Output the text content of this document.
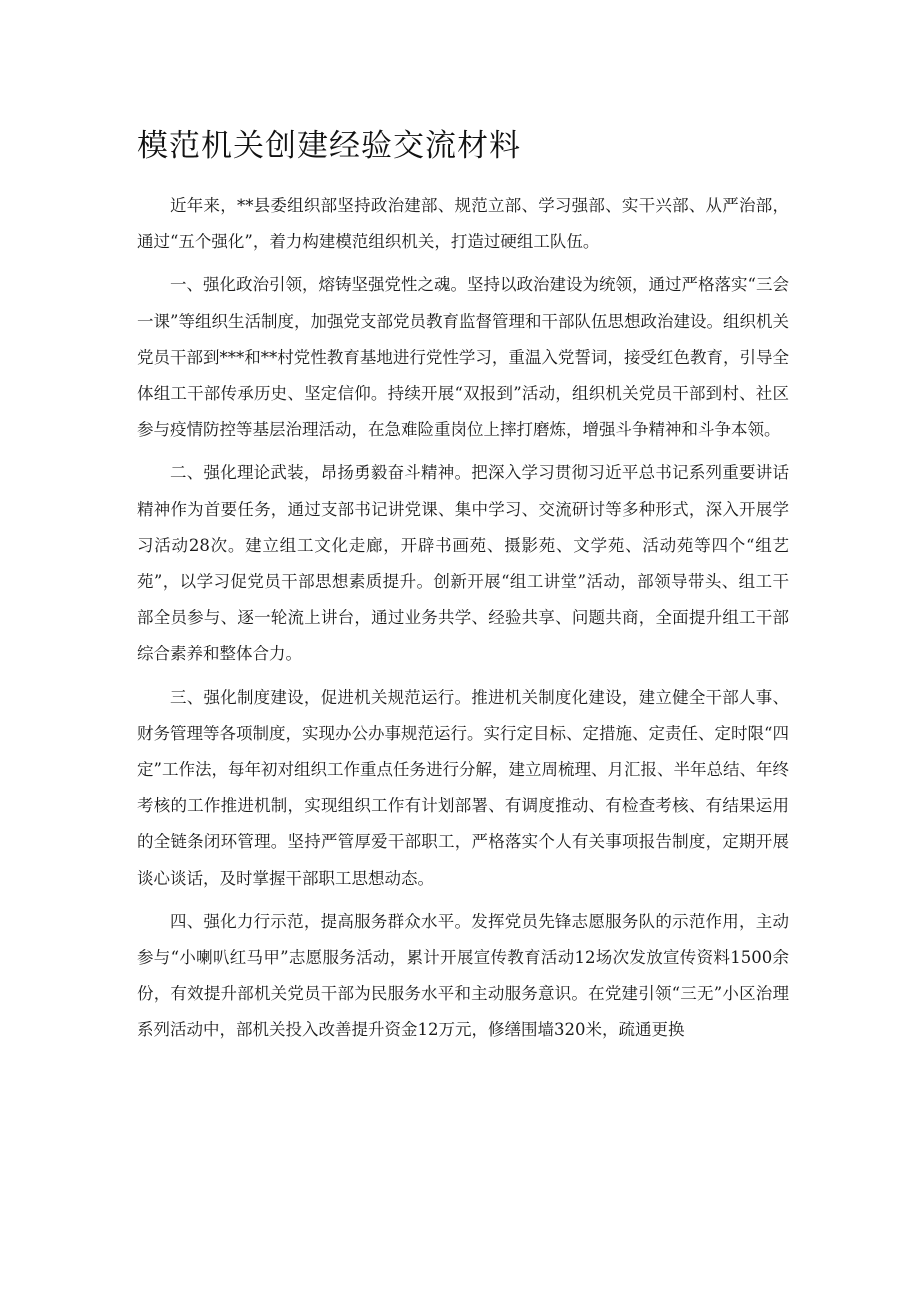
模范机关创建经验交流材料

近年来，**县委组织部坚持政治建部、规范立部、学习强部、实干兴部、从严治部，通过“五个强化”，着力构建模范组织机关，打造过硬组工队伍。

一、强化政治引领，熔铸坚强党性之魂。坚持以政治建设为统领，通过严格落实“三会一课”等组织生活制度，加强党支部党员教育监督管理和干部队伍思想政治建设。组织机关党员干部到***和**村党性教育基地进行党性学习，重温入党誓词，接受红色教育，引导全体组工干部传承历史、坚定信仰。持续开展“双报到”活动，组织机关党员干部到村、社区参与疫情防控等基层治理活动，在急难险重岗位上摔打磨炼，增强斗争精神和斗争本领。

二、强化理论武装，昂扬勇毅奋斗精神。把深入学习贯彻习近平总书记系列重要讲话精神作为首要任务，通过支部书记讲党课、集中学习、交流研讨等多种形式，深入开展学习活动28次。建立组工文化走廊，开辟书画苑、摄影苑、文学苑、活动苑等四个“组艺苑”，以学习促党员干部思想素质提升。创新开展“组工讲堂”活动，部领导带头、组工干部全员参与、逐一轮流上讲台，通过业务共学、经验共享、问题共商，全面提升组工干部综合素养和整体合力。

三、强化制度建设，促进机关规范运行。推进机关制度化建设，建立健全干部人事、财务管理等各项制度，实现办公办事规范运行。实行定目标、定措施、定责任、定时限“四定”工作法，每年初对组织工作重点任务进行分解，建立周梳理、月汇报、半年总结、年终考核的工作推进机制，实现组织工作有计划部署、有调度推动、有检查考核、有结果运用的全链条闭环管理。坚持严管厚爱干部职工，严格落实个人有关事项报告制度，定期开展谈心谈话，及时掌握干部职工思想动态。

四、强化力行示范，提高服务群众水平。发挥党员先锋志愿服务队的示范作用，主动参与“小喇叭红马甲”志愿服务活动，累计开展宣传教育活动12场次发放宣传资料1500余份，有效提升部机关党员干部为民服务水平和主动服务意识。在党建引领“三无”小区治理系列活动中，部机关投入改善提升资金12万元，修缮围墙320米，疏通更换
